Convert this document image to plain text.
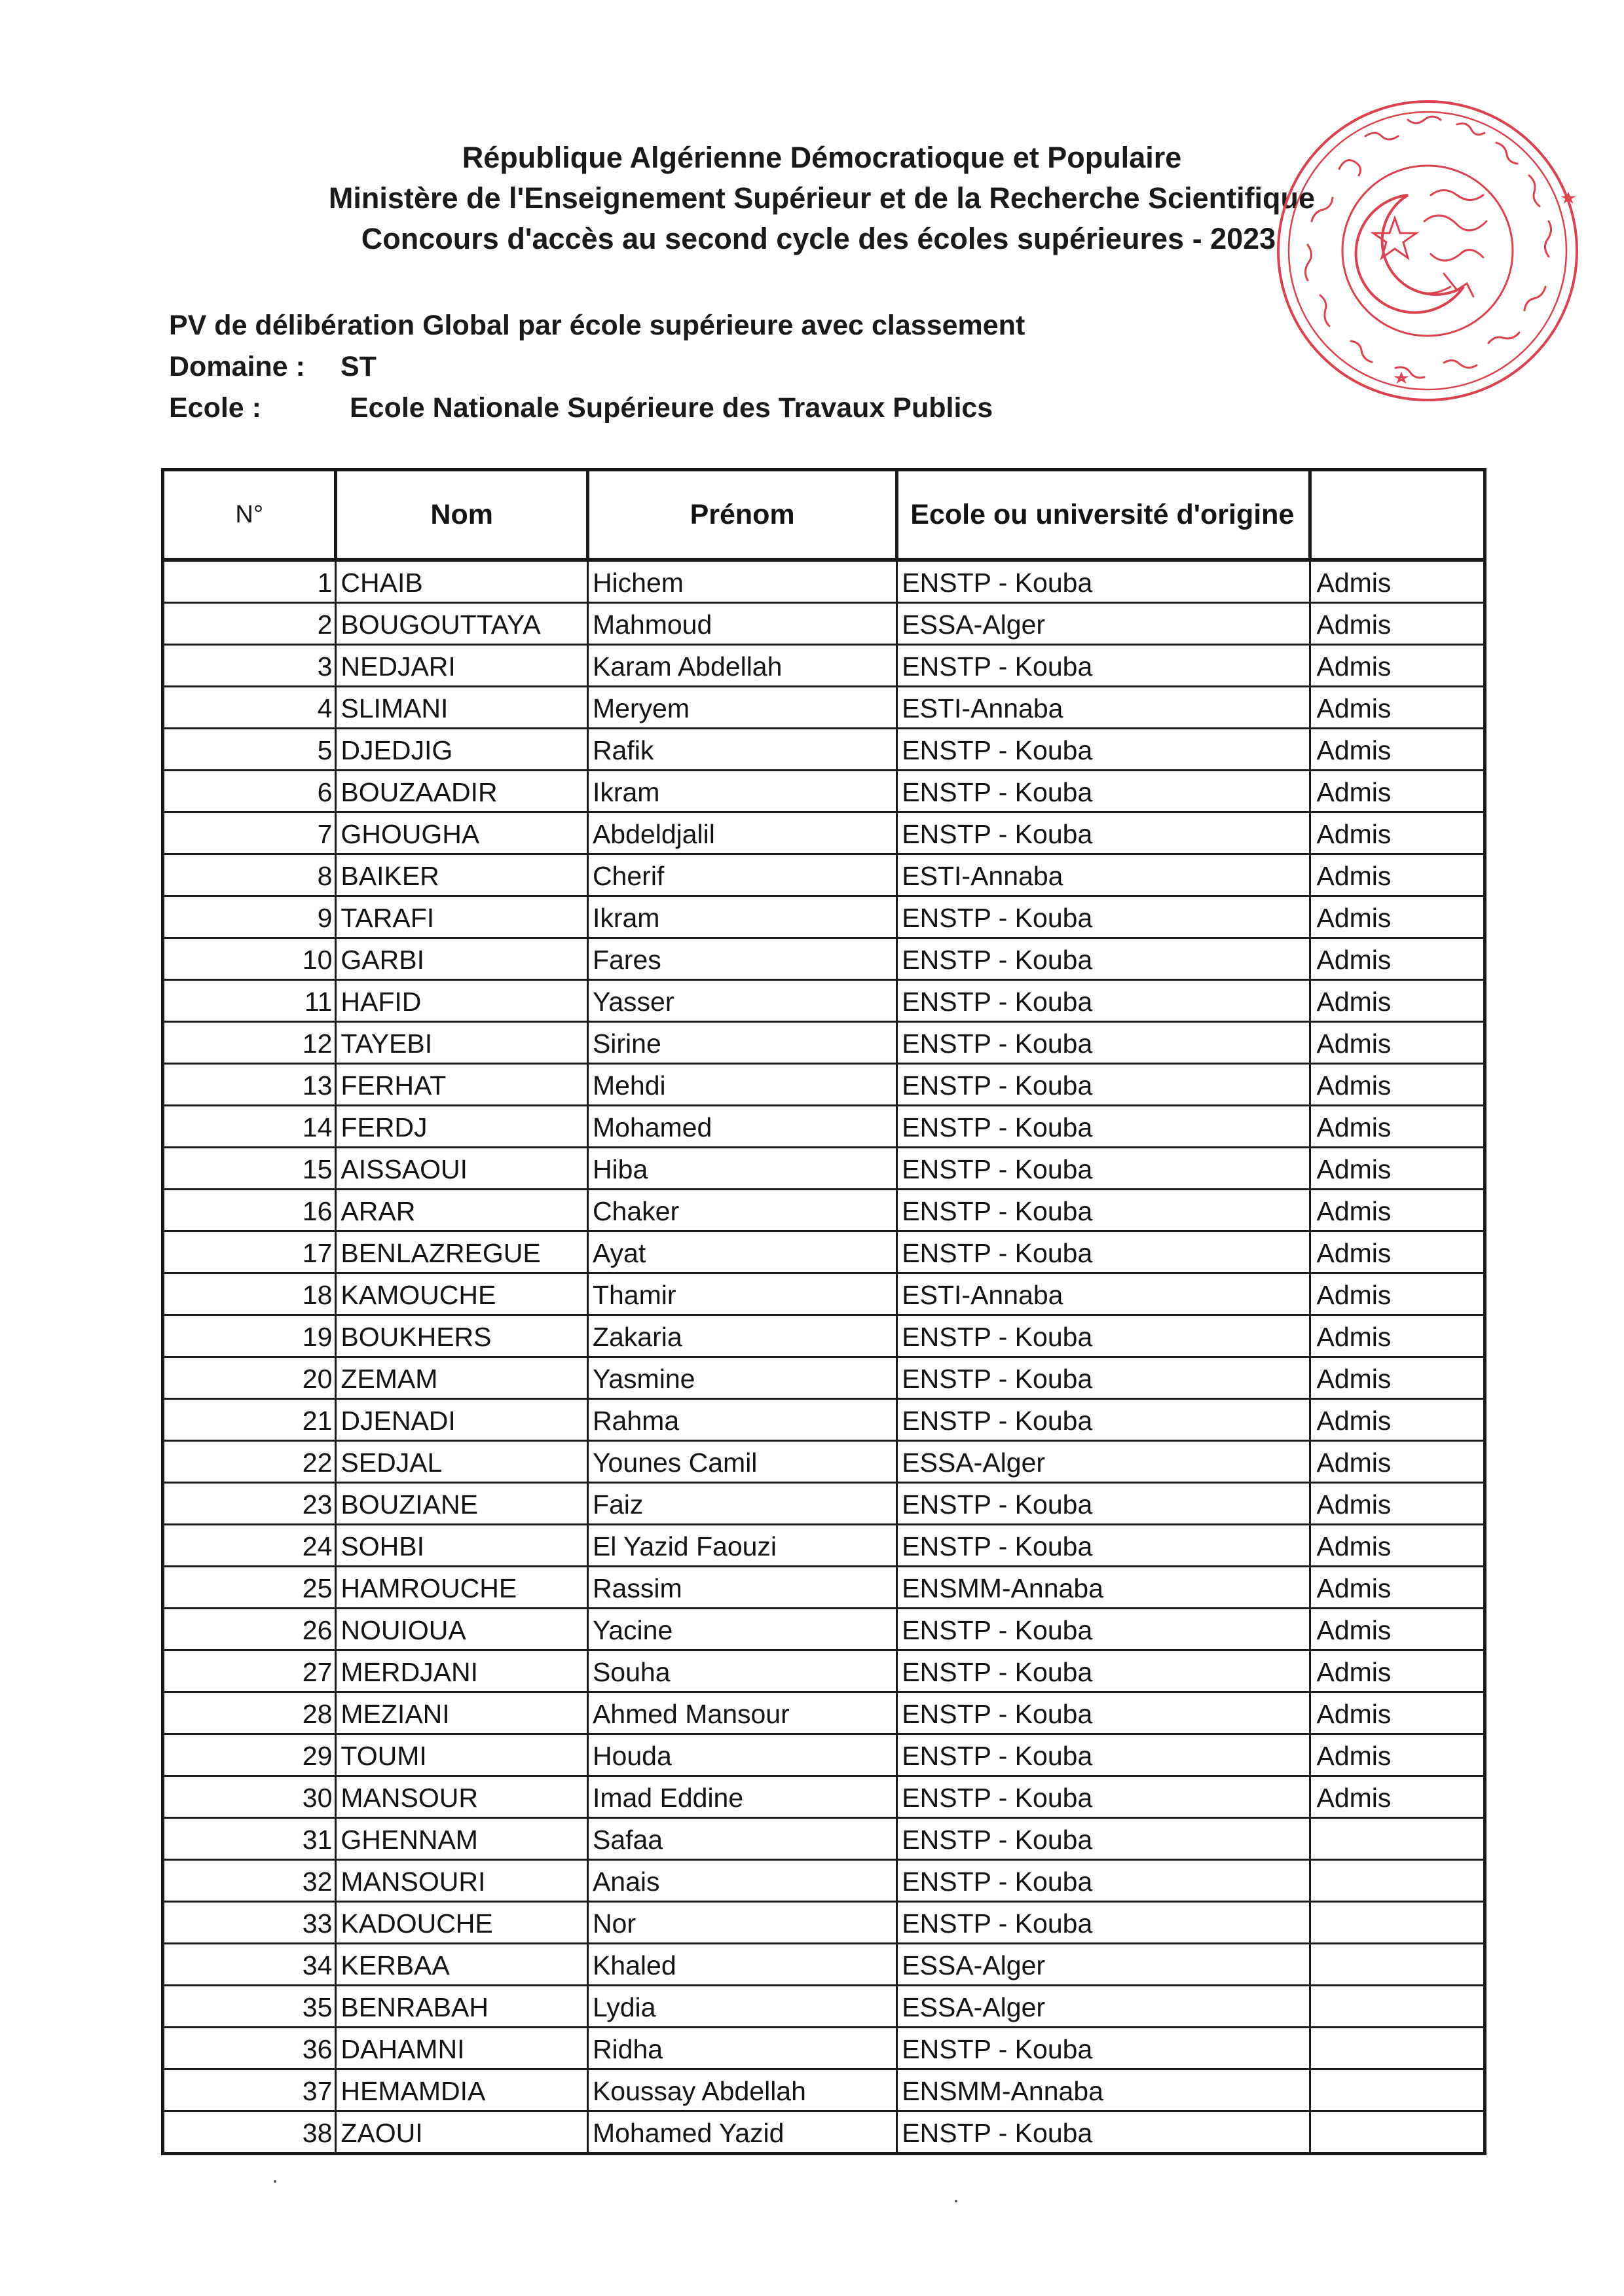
République Algérienne Démocratioque et Populaire
Ministère de l'Enseignement Supérieur et de la Recherche Scientifique
Concours d'accès au second cycle des écoles supérieures - 2023
PV de délibération Global par école supérieure avec classement
Domaine : ST
Ecole :	Ecole Nationale Supérieure des Travaux Publics
N°	Nom	Prénom	Ecole ou université d'origine	
1	CHAIB	Hichem	ENSTP - Kouba	Admis
2	BOUGOUTTAYA	Mahmoud	ESSA-Alger	Admis
3	NEDJARI	Karam Abdellah	ENSTP - Kouba	Admis
4	SLIMANI	Meryem	ESTI-Annaba	Admis
5	DJEDJIG	Rafik	ENSTP - Kouba	Admis
6	BOUZAADIR	Ikram	ENSTP - Kouba	Admis
7	GHOUGHA	Abdeldjalil	ENSTP - Kouba	Admis
8	BAIKER	Cherif	ESTI-Annaba	Admis
9	TARAFI	Ikram	ENSTP - Kouba	Admis
10	GARBI	Fares	ENSTP - Kouba	Admis
11	HAFID	Yasser	ENSTP - Kouba	Admis
12	TAYEBI	Sirine	ENSTP - Kouba	Admis
13	FERHAT	Mehdi	ENSTP - Kouba	Admis
14	FERDJ	Mohamed	ENSTP - Kouba	Admis
15	AISSAOUI	Hiba	ENSTP - Kouba	Admis
16	ARAR	Chaker	ENSTP - Kouba	Admis
17	BENLAZREGUE	Ayat	ENSTP - Kouba	Admis
18	KAMOUCHE	Thamir	ESTI-Annaba	Admis
19	BOUKHERS	Zakaria	ENSTP - Kouba	Admis
20	ZEMAM	Yasmine	ENSTP - Kouba	Admis
21	DJENADI	Rahma	ENSTP - Kouba	Admis
22	SEDJAL	Younes Camil	ESSA-Alger	Admis
23	BOUZIANE	Faiz	ENSTP - Kouba	Admis
24	SOHBI	El Yazid Faouzi	ENSTP - Kouba	Admis
25	HAMROUCHE	Rassim	ENSMM-Annaba	Admis
26	NOUIOUA	Yacine	ENSTP - Kouba	Admis
27	MERDJANI	Souha	ENSTP - Kouba	Admis
28	MEZIANI	Ahmed Mansour	ENSTP - Kouba	Admis
29	TOUMI	Houda	ENSTP - Kouba	Admis
30	MANSOUR	Imad Eddine	ENSTP - Kouba	Admis
31	GHENNAM	Safaa	ENSTP - Kouba	
32	MANSOURI	Anais	ENSTP - Kouba	
33	KADOUCHE	Nor	ENSTP - Kouba	
34	KERBAA	Khaled	ESSA-Alger	
35	BENRABAH	Lydia	ESSA-Alger	
36	DAHAMNI	Ridha	ENSTP - Kouba	
37	HEMAMDIA	Koussay Abdellah	ENSMM-Annaba	
38	ZAOUI	Mohamed Yazid	ENSTP - Kouba	
